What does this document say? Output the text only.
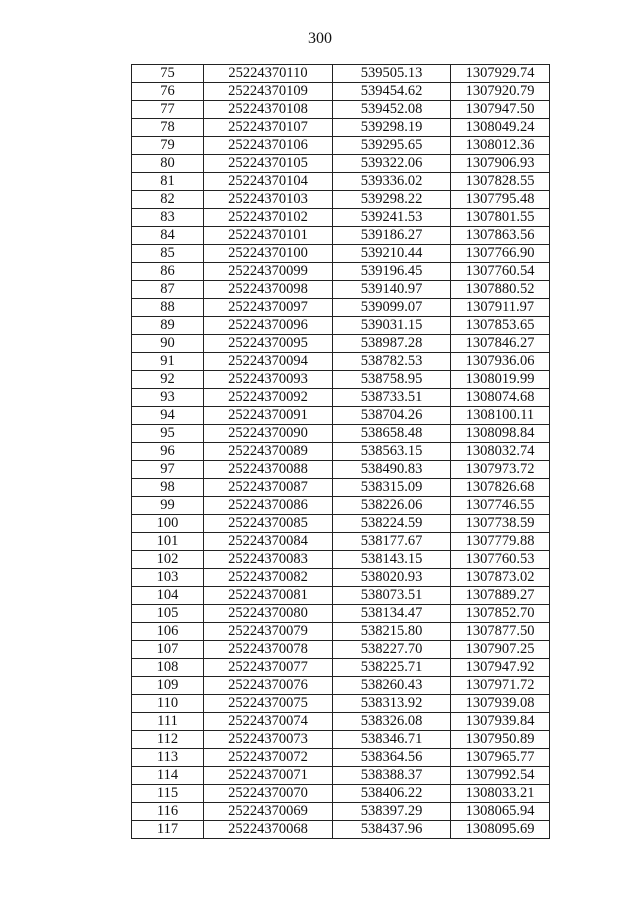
300
75	25224370110	539505.13	1307929.74
76	25224370109	539454.62	1307920.79
77	25224370108	539452.08	1307947.50
78	25224370107	539298.19	1308049.24
79	25224370106	539295.65	1308012.36
80	25224370105	539322.06	1307906.93
81	25224370104	539336.02	1307828.55
82	25224370103	539298.22	1307795.48
83	25224370102	539241.53	1307801.55
84	25224370101	539186.27	1307863.56
85	25224370100	539210.44	1307766.90
86	25224370099	539196.45	1307760.54
87	25224370098	539140.97	1307880.52
88	25224370097	539099.07	1307911.97
89	25224370096	539031.15	1307853.65
90	25224370095	538987.28	1307846.27
91	25224370094	538782.53	1307936.06
92	25224370093	538758.95	1308019.99
93	25224370092	538733.51	1308074.68
94	25224370091	538704.26	1308100.11
95	25224370090	538658.48	1308098.84
96	25224370089	538563.15	1308032.74
97	25224370088	538490.83	1307973.72
98	25224370087	538315.09	1307826.68
99	25224370086	538226.06	1307746.55
100	25224370085	538224.59	1307738.59
101	25224370084	538177.67	1307779.88
102	25224370083	538143.15	1307760.53
103	25224370082	538020.93	1307873.02
104	25224370081	538073.51	1307889.27
105	25224370080	538134.47	1307852.70
106	25224370079	538215.80	1307877.50
107	25224370078	538227.70	1307907.25
108	25224370077	538225.71	1307947.92
109	25224370076	538260.43	1307971.72
110	25224370075	538313.92	1307939.08
111	25224370074	538326.08	1307939.84
112	25224370073	538346.71	1307950.89
113	25224370072	538364.56	1307965.77
114	25224370071	538388.37	1307992.54
115	25224370070	538406.22	1308033.21
116	25224370069	538397.29	1308065.94
117	25224370068	538437.96	1308095.69
